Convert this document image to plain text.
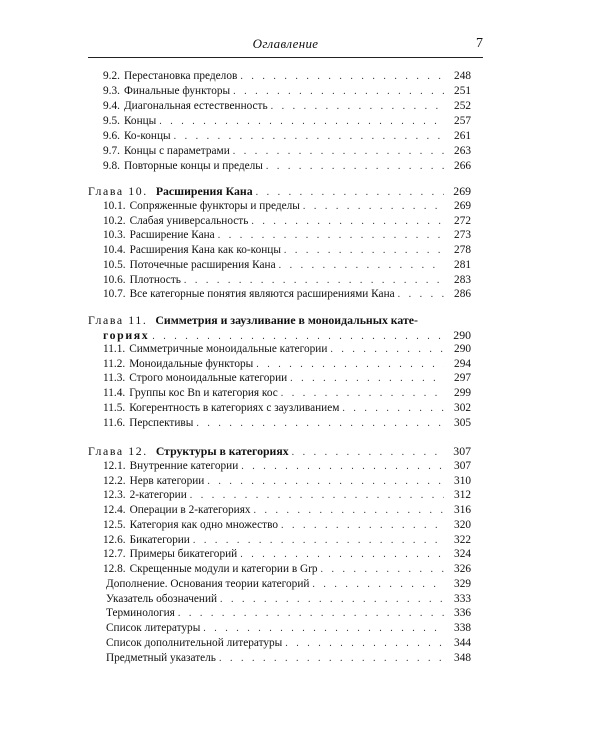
Оглавление	7
9.2. Перестановка пределов . . .	248
9.3. Финальные функторы . . .	251
9.4. Диагональная естественность . . .	252
9.5. Концы . . .	257
9.6. Ко-концы . . .	261
9.7. Концы с параметрами . . .	263
9.8. Повторные концы и пределы . . .	266
Глава 10. Расширения Кана . . .	269
10.1. Сопряженные функторы и пределы . . .	269
10.2. Слабая универсальность . . .	272
10.3. Расширение Кана . . .	273
10.4. Расширения Кана как ко-концы . . .	278
10.5. Поточечные расширения Кана . . .	281
10.6. Плотность . . .	283
10.7. Все категорные понятия являются расширениями Кана . . .	286
Глава 11. Симметрия и заузливание в моноидальных кате-
гориях . . .	290
11.1. Симметричные моноидальные категории . . .	290
11.2. Моноидальные функторы . . .	294
11.3. Строго моноидальные категории . . .	297
11.4. Группы кос Bn и категория кос . . .	299
11.5. Когерентность в категориях с заузливанием . . .	302
11.6. Перспективы . . .	305
Глава 12. Структуры в категориях . . .	307
12.1. Внутренние категории . . .	307
12.2. Нерв категории . . .	310
12.3. 2-категории . . .	312
12.4. Операции в 2-категориях . . .	316
12.5. Категория как одно множество . . .	320
12.6. Бикатегории . . .	322
12.7. Примеры бикатегорий . . .	324
12.8. Скрещенные модули и категории в Grp . . .	326
Дополнение. Основания теории категорий . . .	329
Указатель обозначений . . .	333
Терминология . . .	336
Список литературы . . .	338
Список дополнительной литературы . . .	344
Предметный указатель . . .	348
